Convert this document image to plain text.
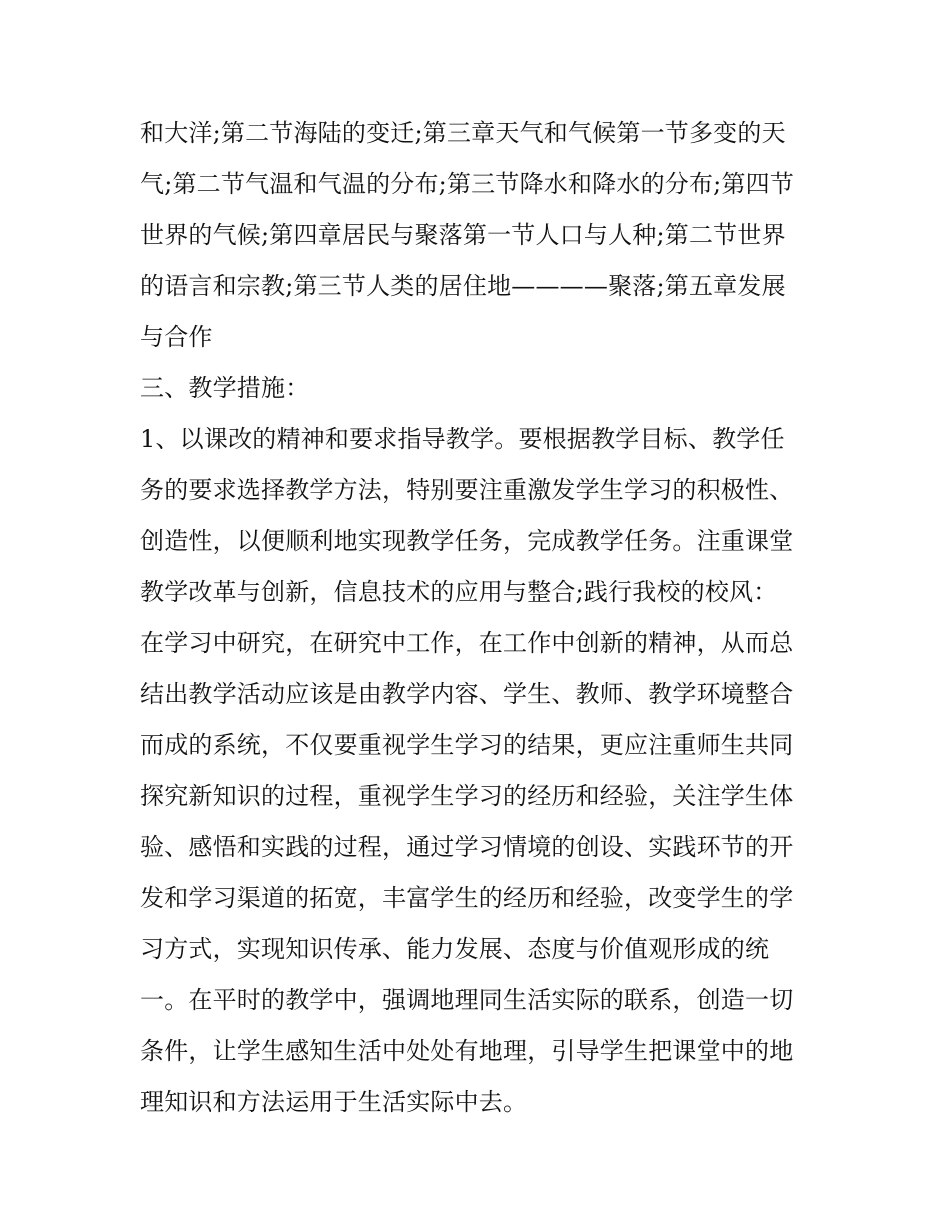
和大洋;第二节海陆的变迁;第三章天气和气候第一节多变的天
气;第二节气温和气温的分布;第三节降水和降水的分布;第四节
世界的气候;第四章居民与聚落第一节人口与人种;第二节世界
的语言和宗教;第三节人类的居住地————聚落;第五章发展
与合作
三、教学措施：
1、以课改的精神和要求指导教学。要根据教学目标、教学任
务的要求选择教学方法，特别要注重激发学生学习的积极性、
创造性，以便顺利地实现教学任务，完成教学任务。注重课堂
教学改革与创新，信息技术的应用与整合;践行我校的校风：
在学习中研究，在研究中工作，在工作中创新的精神，从而总
结出教学活动应该是由教学内容、学生、教师、教学环境整合
而成的系统，不仅要重视学生学习的结果，更应注重师生共同
探究新知识的过程，重视学生学习的经历和经验，关注学生体
验、感悟和实践的过程，通过学习情境的创设、实践环节的开
发和学习渠道的拓宽，丰富学生的经历和经验，改变学生的学
习方式，实现知识传承、能力发展、态度与价值观形成的统
一。在平时的教学中，强调地理同生活实际的联系，创造一切
条件，让学生感知生活中处处有地理，引导学生把课堂中的地
理知识和方法运用于生活实际中去。
